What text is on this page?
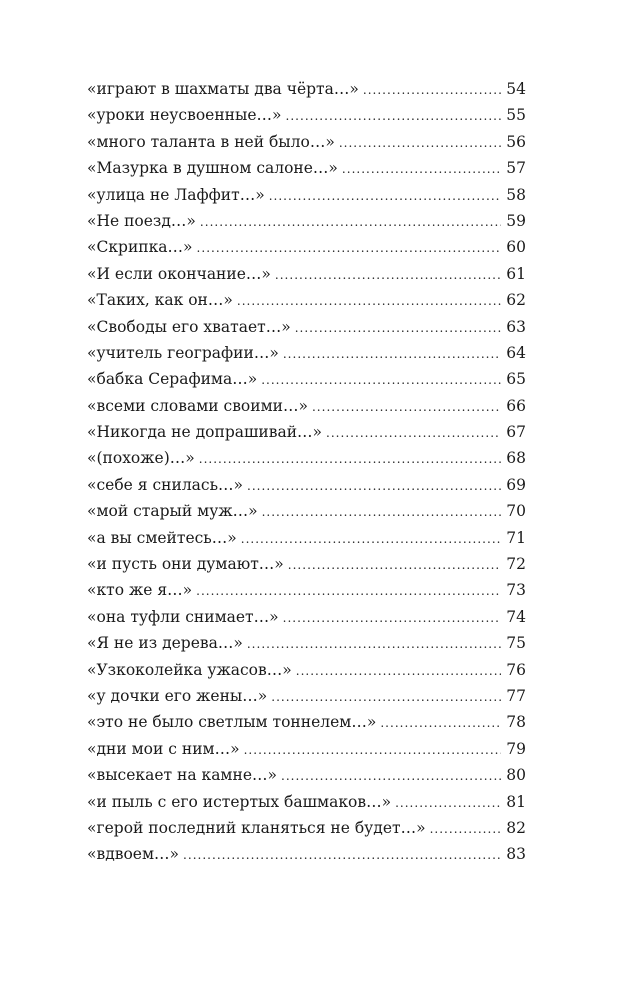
«играют в шахматы два чёрта…» . . .	54
«уроки неусвоенные…» . . .	55
«много таланта в ней было…» . . .	56
«Мазурка в душном салоне…» . . .	57
«улица не Лаффит…» . . .	58
«Не поезд…» . . .	59
«Скрипка…» . . .	60
«И если окончание…» . . .	61
«Таких, как он…» . . .	62
«Свободы его хватает…» . . .	63
«учитель географии…» . . .	64
«бабка Серафима…» . . .	65
«всеми словами своими…» . . .	66
«Никогда не допрашивай…» . . .	67
«(похоже)…» . . .	68
«себе я снилась…» . . .	69
«мой старый муж…» . . .	70
«а вы смейтесь…» . . .	71
«и пусть они думают…» . . .	72
«кто же я…» . . .	73
«она туфли снимает…» . . .	74
«Я не из дерева…» . . .	75
«Узкоколейка ужасов…» . . .	76
«у дочки его жены…» . . .	77
«это не было светлым тоннелем…» . . .	78
«дни мои с ним…» . . .	79
«высекает на камне…» . . .	80
«и пыль с его истертых башмаков…» . . .	81
«герой последний кланяться не будет…» . . .	82
«вдвоем…» . . .	83
